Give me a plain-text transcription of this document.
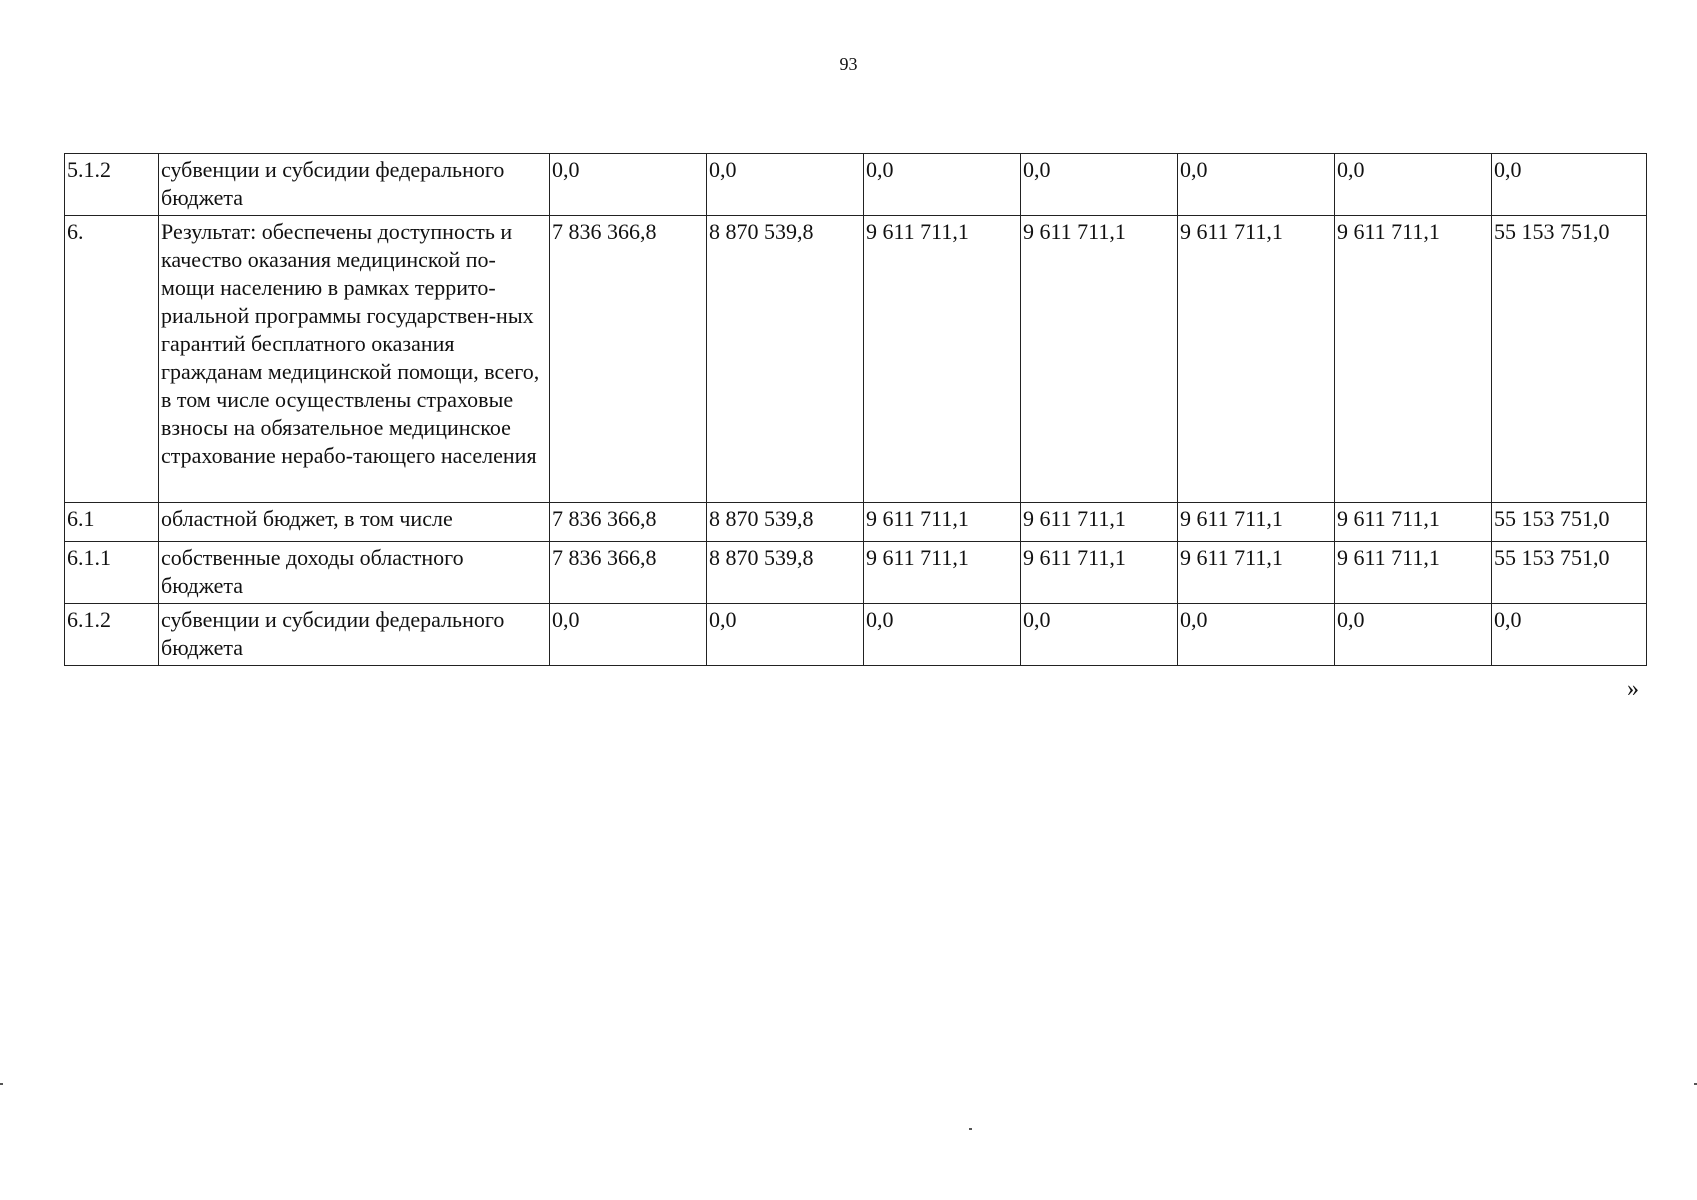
93
5.1.2	субвенции и субсидии федерального бюджета	0,0	0,0	0,0	0,0	0,0	0,0	0,0
6.	Результат: обеспечены доступность и качество оказания медицинской по-мощи населению в рамках террито-риальной программы государствен-ных гарантий бесплатного оказания гражданам медицинской помощи, всего, в том числе осуществлены страховые взносы на обязательное медицинское страхование нерабо-тающего населения	7 836 366,8	8 870 539,8	9 611 711,1	9 611 711,1	9 611 711,1	9 611 711,1	55 153 751,0
6.1	областной бюджет, в том числе	7 836 366,8	8 870 539,8	9 611 711,1	9 611 711,1	9 611 711,1	9 611 711,1	55 153 751,0
6.1.1	собственные доходы областного бюджета	7 836 366,8	8 870 539,8	9 611 711,1	9 611 711,1	9 611 711,1	9 611 711,1	55 153 751,0
6.1.2	субвенции и субсидии федерального бюджета	0,0	0,0	0,0	0,0	0,0	0,0	0,0
»
